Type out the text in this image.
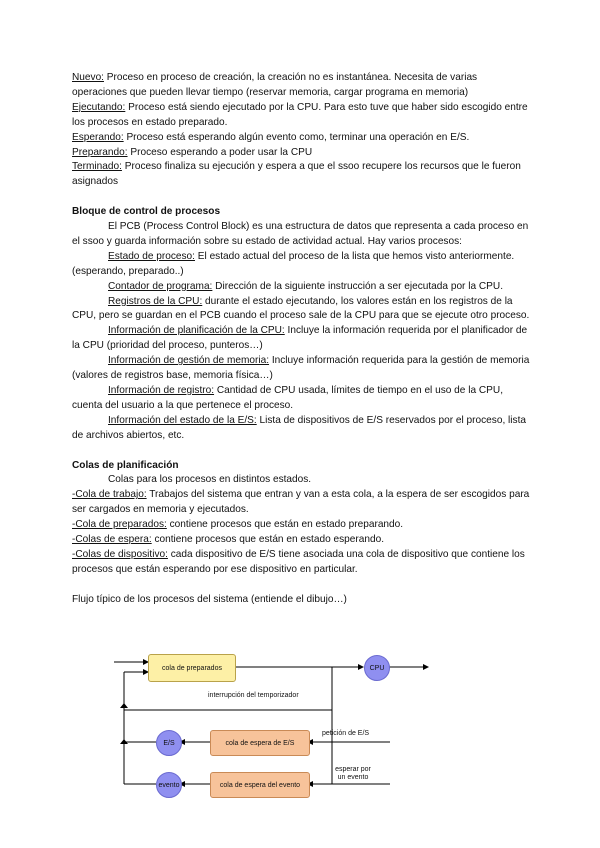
Nuevo: Proceso en proceso de creación, la creación no es instantánea. Necesita de varias operaciones que pueden llevar tiempo (reservar memoria, cargar programa en memoria)

Ejecutando: Proceso está siendo ejecutado por la CPU. Para esto tuve que haber sido escogido entre los procesos en estado preparado.

Esperando: Proceso está esperando algún evento como, terminar una operación en E/S.

Preparando: Proceso esperando a poder usar la CPU

Terminado: Proceso finaliza su ejecución y espera a que el ssoo recupere los recursos que le fueron asignados

Bloque de control de procesos

El PCB (Process Control Block) es una estructura de datos que representa a cada proceso en el ssoo y guarda información sobre su estado de actividad actual. Hay varios procesos:

Estado de proceso: El estado actual del proceso de la lista que hemos visto anteriormente. (esperando, preparado..)

Contador de programa: Dirección de la siguiente instrucción a ser ejecutada por la CPU.

Registros de la CPU: durante el estado ejecutando, los valores están en los registros de la CPU, pero se guardan en el PCB cuando el proceso sale de la CPU para que se ejecute otro proceso.

Información de planificación de la CPU: Incluye la información requerida por el planificador de la CPU (prioridad del proceso, punteros…)

Información de gestión de memoria: Incluye información requerida para la gestión de memoria (valores de registros base, memoria física…)

Información de registro: Cantidad de CPU usada, límites de tiempo en el uso de la CPU, cuenta del usuario a la que pertenece el proceso.

Información del estado de la E/S: Lista de dispositivos de E/S reservados por el proceso, lista de archivos abiertos, etc.

Colas de planificación

Colas para los procesos en distintos estados.

-Cola de trabajo: Trabajos del sistema que entran y van a esta cola, a la espera de ser escogidos para ser cargados en memoria y ejecutados.

-Cola de preparados: contiene procesos que están en estado preparando.

-Colas de espera: contiene procesos que están en estado esperando.

-Colas de dispositivo: cada dispositivo de E/S tiene asociada una cola de dispositivo que contiene los procesos que están esperando por ese dispositivo en particular.

Flujo típico de los procesos del sistema (entiende el dibujo…)

cola de preparados	CPU
interrupción del temporizador
cola de espera de E/S
E/S
petición de E/S
cola de espera del evento
evento
esperar por un evento
